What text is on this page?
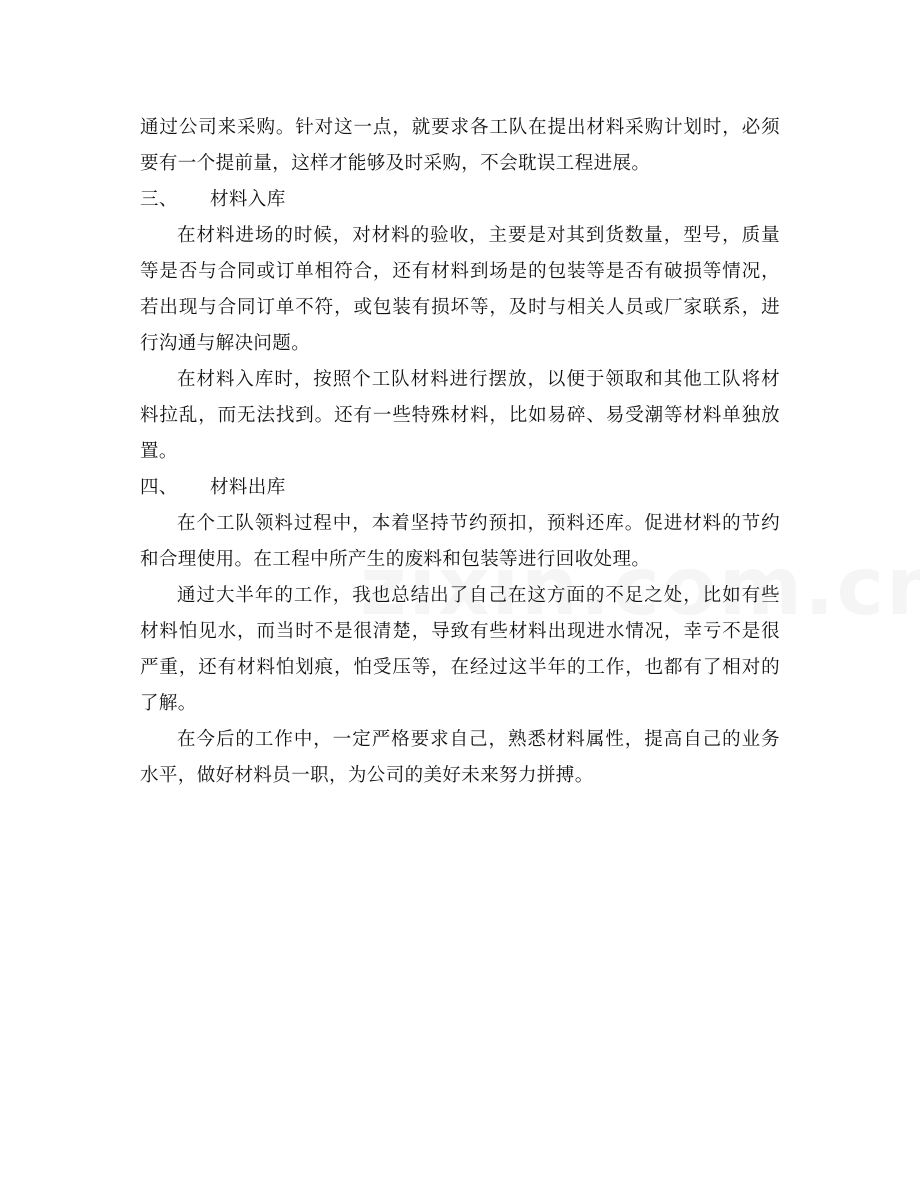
通过公司来采购。针对这一点，就要求各工队在提出材料采购计划时，必须要有一个提前量，这样才能够及时采购，不会耽误工程进展。

三、 材料入库

在材料进场的时候，对材料的验收，主要是对其到货数量，型号，质量等是否与合同或订单相符合，还有材料到场是的包装等是否有破损等情况，若出现与合同订单不符，或包装有损坏等，及时与相关人员或厂家联系，进行沟通与解决问题。

在材料入库时，按照个工队材料进行摆放，以便于领取和其他工队将材料拉乱，而无法找到。还有一些特殊材料，比如易碎、易受潮等材料单独放置。

四、 材料出库

在个工队领料过程中，本着坚持节约预扣，预料还库。促进材料的节约和合理使用。在工程中所产生的废料和包装等进行回收处理。

通过大半年的工作，我也总结出了自己在这方面的不足之处，比如有些材料怕见水，而当时不是很清楚，导致有些材料出现进水情况，幸亏不是很严重，还有材料怕划痕，怕受压等，在经过这半年的工作，也都有了相对的了解。

在今后的工作中，一定严格要求自己，熟悉材料属性，提高自己的业务水平，做好材料员一职，为公司的美好未来努力拼搏。
